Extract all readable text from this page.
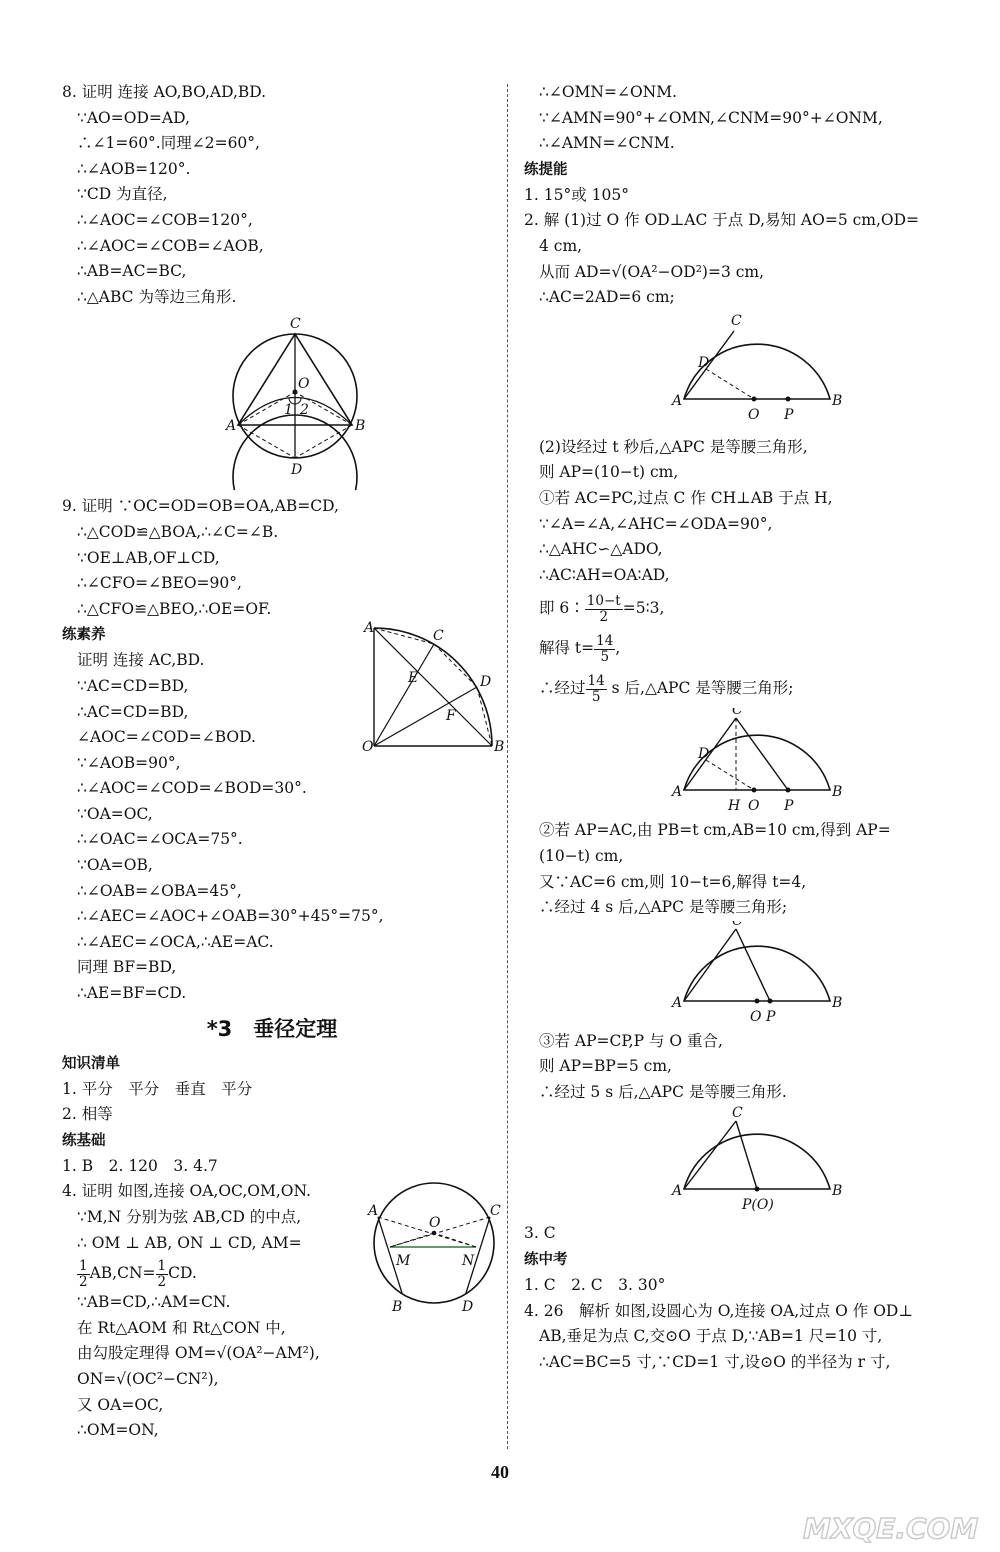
8. 证明 连接 AO,BO,AD,BD.
∵AO=OD=AD,
∴∠1=60°.同理∠2=60°,
∴∠AOB=120°.
∵CD 为直径,
∴∠AOC=∠COB=120°,
∴∠AOC=∠COB=∠AOB,
∴AB=AC=BC,
∴△ABC 为等边三角形.
C
O
1 2
A	B
D
9. 证明 ∵OC=OD=OB=OA,AB=CD,
∴△COD≌△BOA,∴∠C=∠B.
∵OE⊥AB,OF⊥CD,
∴∠CFO=∠BEO=90°,
∴△CFO≌△BEO,∴OE=OF.
练素养
证明 连接 AC,BD.
∵AC=CD=BD,
∴AC=CD=BD,
∠AOC=∠COD=∠BOD.
∵∠AOB=90°,
∴∠AOC=∠COD=∠BOD=30°.
∵OA=OC,
∴∠OAC=∠OCA=75°.
∵OA=OB,
∴∠OAB=∠OBA=45°,
∴∠AEC=∠AOC+∠OAB=30°+45°=75°,
∴∠AEC=∠OCA,∴AE=AC.
同理 BF=BD,
∴AE=BF=CD.
A	C
E	D
F
O	B
*3　垂径定理
知识清单
1. 平分　平分　垂直　平分
2. 相等
练基础
1. B　2. 120　3. 4.7
4. 证明 如图,连接 OA,OC,OM,ON.
∵M,N 分别为弦 AB,CD 的中点,
∴ OM ⊥ AB, ON ⊥ CD, AM=
$\frac{1}{2} AB,CN= \frac{1}{2}$ CD.
∵AB=CD,∴AM=CN.
在 Rt△AOM 和 Rt△CON 中,
由勾股定理得 OM=√(OA²−AM²),
ON=√(OC²−CN²),
又 OA=OC,
∴OM=ON,
A	C
O
M	N
B	D
∴∠OMN=∠ONM.
∵∠AMN=90°+∠OMN,∠CNM=90°+∠ONM,
∴∠AMN=∠CNM.
练提能
1. 15°或 105°
2. 解 (1)过 O 作 OD⊥AC 于点 D,易知 AO=5 cm,OD=
4 cm,
从而 AD=√(OA²−OD²)=3 cm,
∴AC=2AD=6 cm;
C
D
A
O P
B
(2)设经过 t 秒后,△APC 是等腰三角形,
则 AP=(10−t) cm,
①若 AC=PC,过点 C 作 CH⊥AB 于点 H,
∵∠A=∠A,∠AHC=∠ODA=90°,
∴△AHC∽△ADO,
∴AC∶AH=OA∶AD,
即 6∶ $\frac{10-t}{2}$ =5∶3,
解得 $t= \frac{14}{5}$ ,
∴经过 $\frac{14}{5}$ s 后,△APC 是等腰三角形;
C
D
A
H O P
B
②若 AP=AC,由 PB=t cm,AB=10 cm,得到 AP=
(10−t) cm,
又∵AC=6 cm,则 10−t=6,解得 t=4,
∴经过 4 s 后,△APC 是等腰三角形;
C
A
O P
B
③若 AP=CP,P 与 O 重合,
则 AP=BP=5 cm,
∴经过 5 s 后,△APC 是等腰三角形.
C
A
P(O)
B
3. C
练中考
1. C　2. C　3. 30°
4. 26　解析 如图,设圆心为 O,连接 OA,过点 O 作 OD⊥
AB,垂足为点 C,交⊙O 于点 D,∵AB=1 尺=10 寸,
∴AC=BC=5 寸,∵CD=1 寸,设⊙O 的半径为 r 寸,
40
MXQE.COM
